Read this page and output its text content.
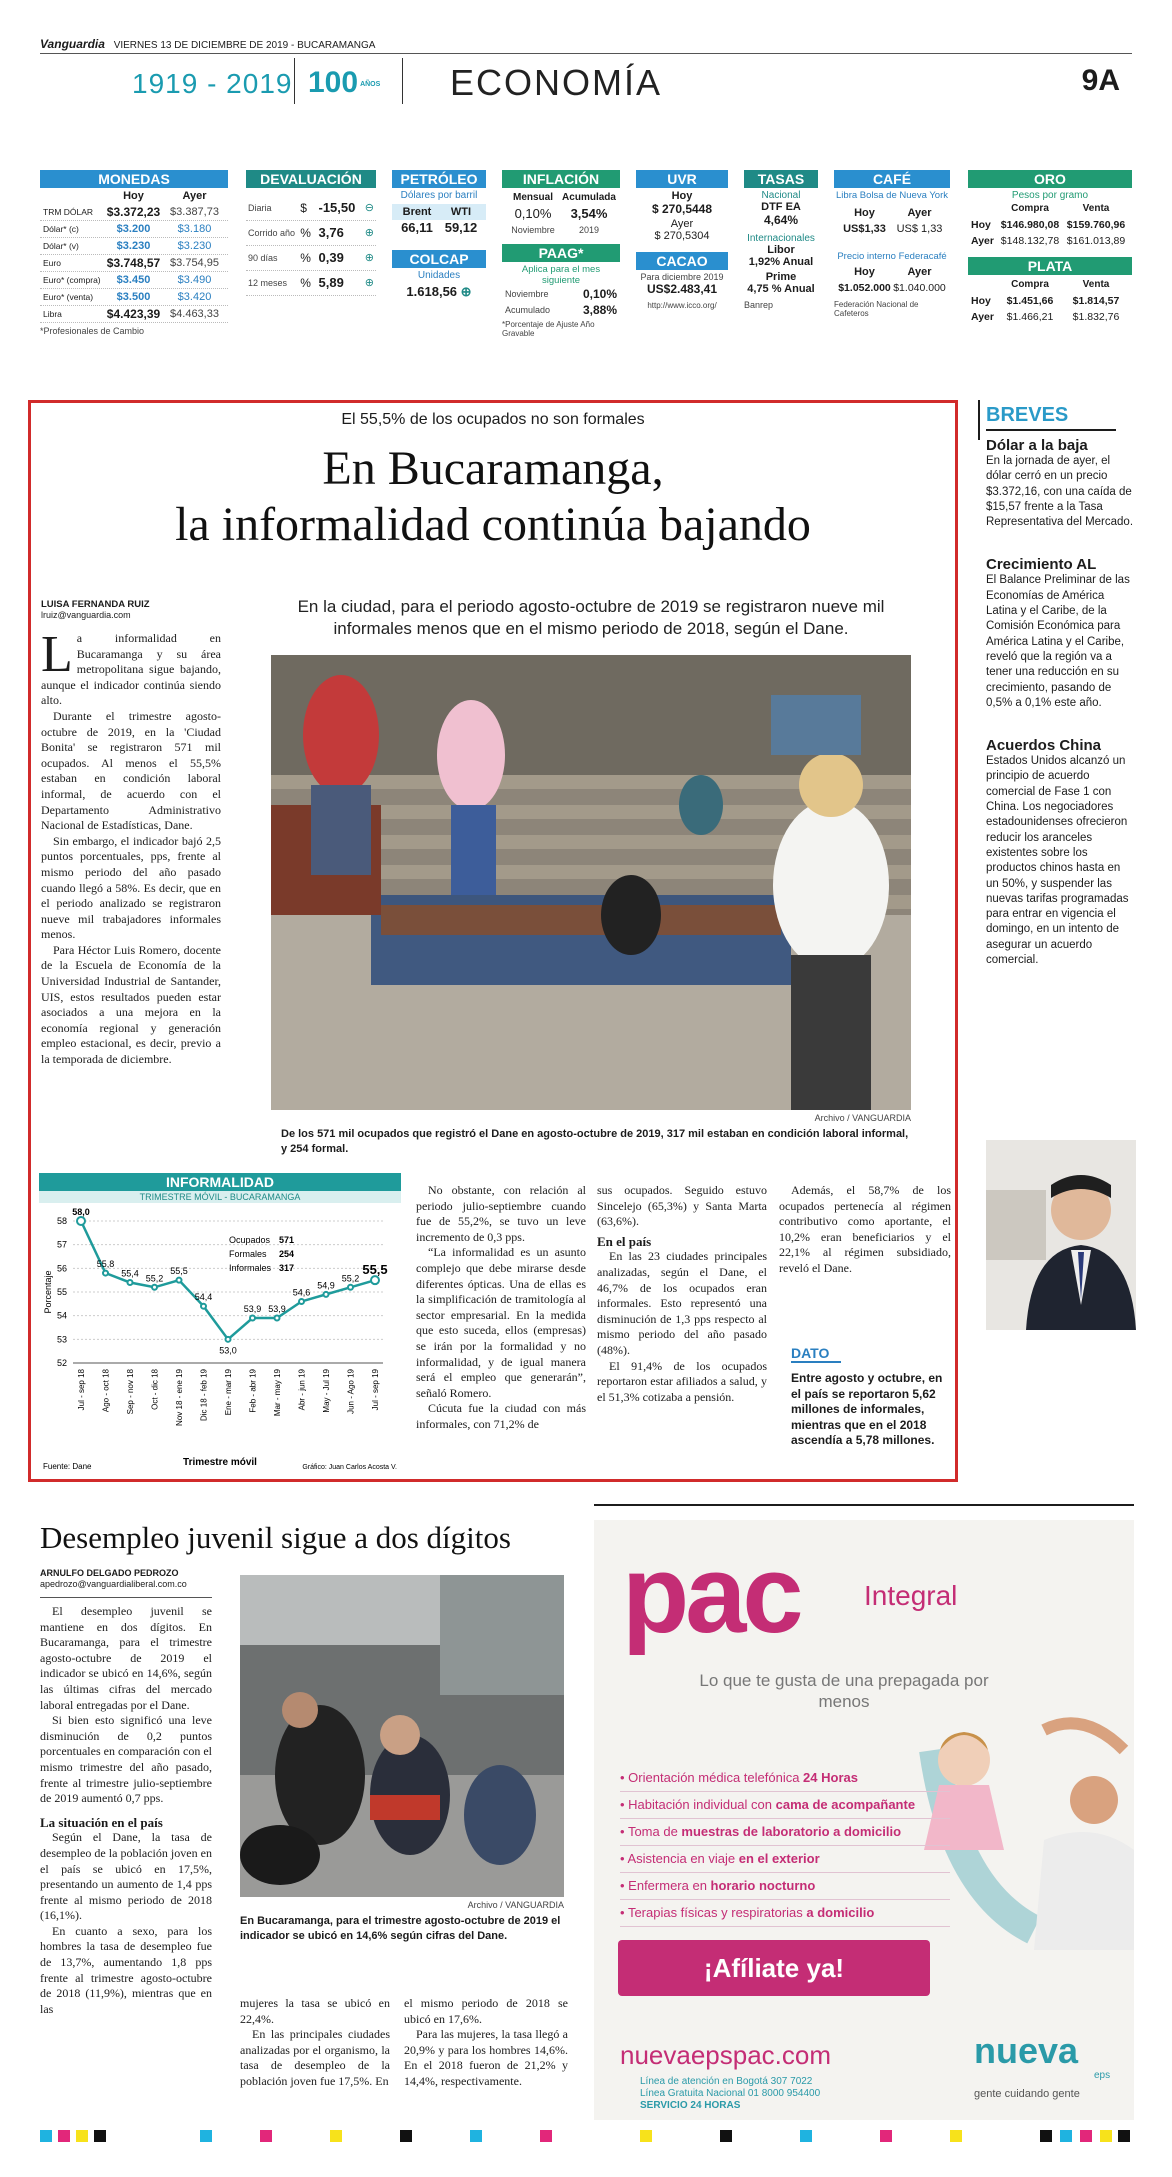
Vanguardia VIERNES 13 DE DICIEMBRE DE 2019 - BUCARAMANGA
1919 - 2019 100 AÑOS ECONOMÍA	9A
MONEDAS
Hoy	Ayer
TRM DÓLAR	$3.372,23 $3.387,73
Dólar* (c)	$3.200	$3.180
Dólar* (v)	$3.230	$3.230
Euro	$3.748,57 $3.754,95
Euro* (compra)	$3.450	$3.490
Euro* (venta)	$3.500	$3.420
Libra	$4.423,39 $4.463,33
*Profesionales de Cambio
DEVALUACIÓN
Diaria	$ -15,50 ⊖
Corrido año % 3,76	⊕
90 días	% 0,39	⊕
12 meses	% 5,89	⊕
PETRÓLEO
Dólares por barril
Brent	WTI
66,11 59,12
COLCAP
Unidades
1.618,56 ⊕
INFLACIÓN
Mensual Acumulada
0,10%	3,54%
Noviembre	2019
PAAG*
Aplica para el mes siguiente
Noviembre	0,10%
Acumulado	3,88%
*Porcentaje de Ajuste Año Gravable
UVR
Hoy
$ 270,5448
Ayer
$ 270,5304
CACAO
Para diciembre 2019
US$2.483,41
http://www.icco.org/
TASAS
Nacional
DTF EA
4,64%
Internacionales
Libor
1,92% Anual
Prime
4,75 % Anual
Banrep
CAFÉ
Libra Bolsa de Nueva York
Hoy	Ayer
US$1,33 US$ 1,33
Precio interno Federacafé
Hoy	Ayer
$1.052.000 $1.040.000
Federación Nacional de Cafeteros
ORO
Pesos por gramo
Compra	Venta
Hoy $146.980,08 $159.760,96
Ayer $148.132,78 $161.013,89
PLATA
Compra	Venta
Hoy	$1.451,66	$1.814,57
Ayer	$1.466,21	$1.832,76
El 55,5% de los ocupados no son formales
En Bucaramanga,
la informalidad continúa bajando
LUISA FERNANDA RUIZ
lruiz@vanguardia.com	En la ciudad, para el periodo agosto-octubre de 2019 se registraron nueve mil informales menos que en el mismo periodo de 2018, según el Dane.

La informalidad en Bucaramanga y su área metropolitana sigue bajando, aunque el indicador continúa siendo alto.

Durante el trimestre agosto-octubre de 2019, en la 'Ciudad Bonita' se registraron 571 mil ocupados. Al menos el 55,5% estaban en condición laboral informal, de acuerdo con el Departamento Administrativo Nacional de Estadísticas, Dane.

Sin embargo, el indicador bajó 2,5 puntos porcentuales, pps, frente al mismo periodo del año pasado cuando llegó a 58%. Es decir, que en el periodo analizado se registraron nueve mil trabajadores informales menos.

Para Héctor Luis Romero, docente de la Escuela de Economía de la Universidad Industrial de Santander, UIS, estos resultados pueden estar asociados a una mejora en la economía regional y generación empleo estacional, es decir, previo a la temporada de diciembre.

Archivo / VANGUARDIA
De los 571 mil ocupados que registró el Dane en agosto-octubre de 2019, 317 mil estaban en condición laboral informal, y 254 formal.
INFORMALIDAD
TRIMESTRE MÓVIL - BUCARAMANGA
58
57
56
55
54
53
52
Porcentaje
58,0
Jul - sep 18
55,8
Ago - oct 18
55,4
Sep - nov 18
55,2
Oct - dic 18
55,5
Nov 18 - ene 19
54,4
Dic 18 - feb 19
53,0
Ene - mar 19
53,9
Feb - abr 19
53,9
Mar - may 19
54,6
Abr - jun 19
54,9
May - Jul 19
55,2
Jun - Ago 19
55,5
Jul - sep 19
Ocupados 571
Formales 254
Informales 317
Fuente: Dane	Trimestre móvil	Gráfico: Juan Carlos Acosta V.

No obstante, con relación al periodo julio-septiembre cuando fue de 55,2%, se tuvo un leve incremento de 0,3 pps.

“La informalidad es un asunto complejo que debe mirarse desde diferentes ópticas. Una de ellas es la simplificación de tramitología al sector empresarial. En la medida que esto suceda, ellos (empresas) se irán por la formalidad y no informalidad, y de igual manera será el empleo que generarán”, señaló Romero.

Cúcuta fue la ciudad con más informales, con 71,2% de

sus ocupados. Seguido estuvo Sincelejo (65,3%) y Santa Marta (63,6%).

En el país

En las 23 ciudades principales analizadas, según el Dane, el 46,7% de los ocupados eran informales. Esto representó una disminución de 1,3 pps respecto al mismo periodo del año pasado (48%).

El 91,4% de los ocupados reportaron estar afiliados a salud, y el 51,3% cotizaba a pensión.

Además, el 58,7% de los ocupados pertenecía al régimen contributivo como aportante, el 10,2% eran beneficiarios y el 22,1% al régimen subsidiado, reveló el Dane.

DATO
Entre agosto y octubre, en el país se reportaron 5,62 millones de informales, mientras que en el 2018 ascendía a 5,78 millones.
BREVES
Dólar a la baja
En la jornada de ayer, el dólar cerró en un precio $3.372,16, con una caída de $15,57 frente a la Tasa Representativa del Mercado.
Crecimiento AL
El Balance Preliminar de las Economías de América Latina y el Caribe, de la Comisión Económica para América Latina y el Caribe, reveló que la región va a tener una reducción en su crecimiento, pasando de 0,5% a 0,1% este año.
Acuerdos China
Estados Unidos alcanzó un principio de acuerdo comercial de Fase 1 con China. Los negociadores estadounidenses ofrecieron reducir los aranceles existentes sobre los productos chinos hasta en un 50%, y suspender las nuevas tarifas programadas para entrar en vigencia el domingo, en un intento de asegurar un acuerdo comercial.
Desempleo juvenil sigue a dos dígitos
ARNULFO DELGADO PEDROZO
apedrozo@vanguardialiberal.com.co

El desempleo juvenil se mantiene en dos dígitos. En Bucaramanga, para el trimestre agosto-octubre de 2019 el indicador se ubicó en 14,6%, según las últimas cifras del mercado laboral entregadas por el Dane.

Si bien esto significó una leve disminución de 0,2 puntos porcentuales en comparación con el mismo trimestre del año pasado, frente al trimestre julio-septiembre de 2019 aumentó 0,7 pps.

La situación en el país

Según el Dane, la tasa de desempleo de la población joven en el país se ubicó en 17,5%, presentando un aumento de 1,4 pps frente al mismo periodo de 2018 (16,1%).

En cuanto a sexo, para los hombres la tasa de desempleo fue de 13,7%, aumentando 1,8 pps frente al trimestre agosto-octubre de 2018 (11,9%), mientras que en las

Archivo / VANGUARDIA
En Bucaramanga, para el trimestre agosto-octubre de 2019 el indicador se ubicó en 14,6% según cifras del Dane.

mujeres la tasa se ubicó en 22,4%.

En las principales ciudades analizadas por el organismo, la tasa de desempleo de la población joven fue 17,5%. En

el mismo periodo de 2018 se ubicó en 17,6%.

Para las mujeres, la tasa llegó a 20,9% y para los hombres 14,6%. En el 2018 fueron de 21,2% y 14,4%, respectivamente.

pac Integral
Lo que te gusta de una prepagada por menos
• Orientación médica telefónica 24 Horas
• Habitación individual con cama de acompañante
• Toma de muestras de laboratorio a domicilio
• Asistencia en viaje en el exterior
• Enfermera en horario nocturno
• Terapias físicas y respiratorias a domicilio
¡Afíliate ya!
nuevaepspac.com
Línea de atención en Bogotá 307 7022
Línea Gratuita Nacional 01 8000 954400
SERVICIO 24 HORAS
nueva
eps
gente cuidando gente
